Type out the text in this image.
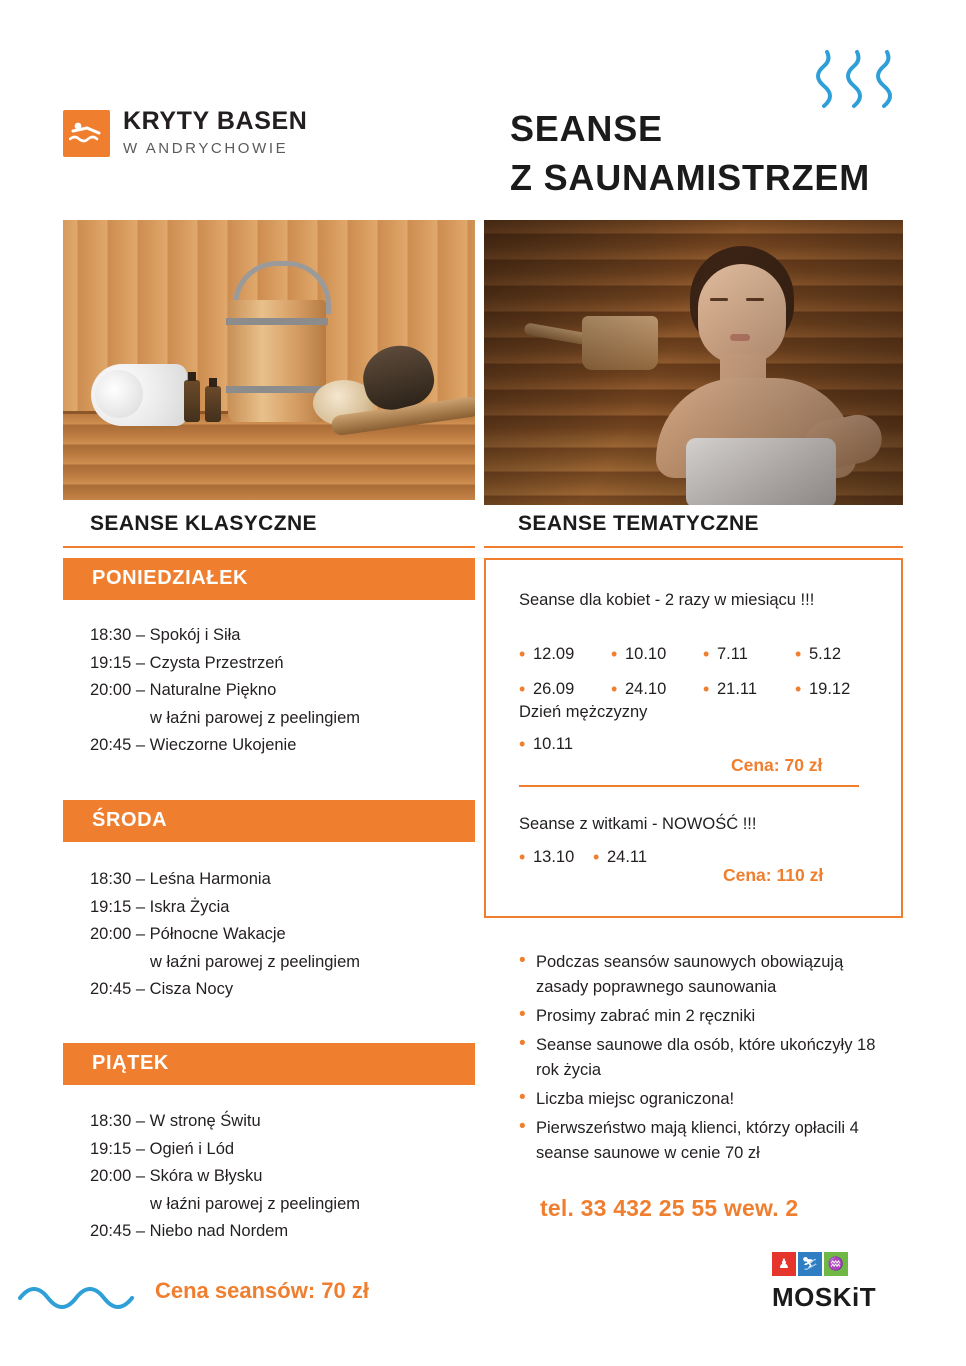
KRYTY BASEN
W ANDRYCHOWIE	SEANSE
Z SAUNAMISTRZEM
SEANSE KLASYCZNE	SEANSE TEMATYCZNE
PONIEDZIAŁEK
18:30 – Spokój i Siła
19:15 – Czysta Przestrzeń
20:00 – Naturalne Piękno
w łaźni parowej z peelingiem
20:45 – Wieczorne Ukojenie
ŚRODA
18:30 – Leśna Harmonia
19:15 – Iskra Życia
20:00 – Północne Wakacje
w łaźni parowej z peelingiem
20:45 – Cisza Nocy
PIĄTEK
18:30 – W stronę Świtu
19:15 – Ogień i Lód
20:00 – Skóra w Błysku
w łaźni parowej z peelingiem
20:45 – Niebo nad Nordem
Seanse dla kobiet - 2 razy w miesiącu !!!
• 12.09	• 10.10	• 7.11	• 5.12
• 26.09	• 24.10	• 21.11	• 19.12
Dzień mężczyzny
• 10.11
Cena: 70 zł
Seanse z witkami - NOWOŚĆ !!!
• 13.10	• 24.11
Cena: 110 zł
• Podczas seansów saunowych obowiązują zasady poprawnego saunowania
• Prosimy zabrać min 2 ręczniki
• Seanse saunowe dla osób, które ukończyły 18 rok życia
• Liczba miejsc ograniczona!
• Pierwszeństwo mają klienci, którzy opłacili 4 seanse saunowe w cenie 70 zł
tel. 33 432 25 55 wew. 2
Cena seansów: 70 zł
♟ ⛷ ♒
MOSKiT
